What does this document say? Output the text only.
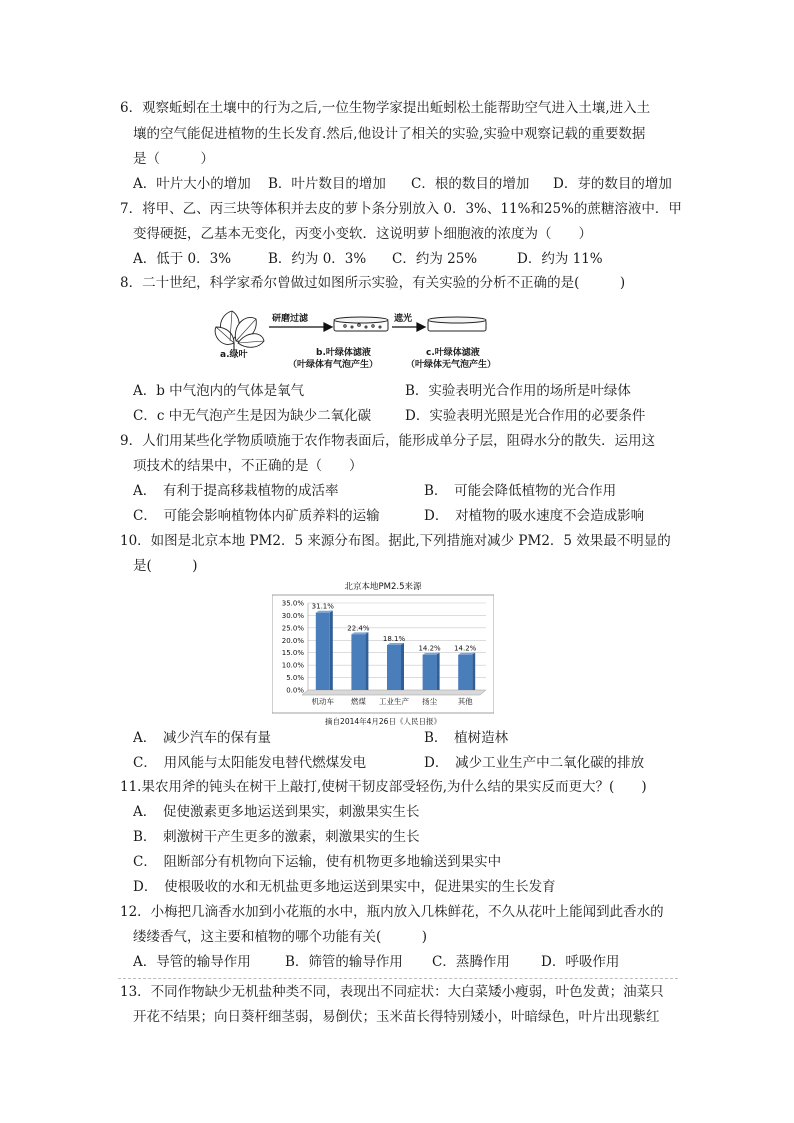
6．观察蚯蚓在土壤中的行为之后,一位生物学家提出蚯蚓松土能帮助空气进入土壤,进入土
壤的空气能促进植物的生长发育.然后,他设计了相关的实验,实验中观察记载的重要数据
是（　　　）
A．叶片大小的增加 B．叶片数目的增加 C．根的数目的增加 D．芽的数目的增加
7．将甲、乙、丙三块等体积并去皮的萝卜条分别放入 0．3%、11%和25%的蔗糖溶液中．甲
变得硬挺，乙基本无变化，丙变小变软．这说明萝卜细胞液的浓度为（　　）
A．低于 0．3%	B．约为 0．3% C．约为 25%	D．约为 11%
8．二十世纪，科学家希尔曾做过如图所示实验，有关实验的分析不正确的是(　　　)
研磨过滤	遮光
a.绿叶	b.叶绿体滤液
（叶绿体有气泡产生）
c.叶绿体滤液
（叶绿体无气泡产生）
A．b 中气泡内的气体是氧气	B．实验表明光合作用的场所是叶绿体
C．c 中无气泡产生是因为缺少二氧化碳	D．实验表明光照是光合作用的必要条件
9．人们用某些化学物质喷施于农作物表面后，能形成单分子层，阻碍水分的散失．运用这
项技术的结果中，不正确的是（　　）
A．　有利于提高移栽植物的成活率	B．　可能会降低植物的光合作用
C．　可能会影响植物体内矿质养料的运输	D．　对植物的吸水速度不会造成影响
10．如图是北京本地 PM2．5 来源分布图。据此,下列措施对减少 PM2．5 效果最不明显的
是(　　　)
北京本地PM2.5来源
0.0%
5.0%
10.0%
15.0%
20.0%
25.0%
30.0%
35.0% 31.1%
机动车
22.4%
燃煤
18.1%
工业生产
14.2%
扬尘
14.2%
其他
摘自2014年4月26日《人民日报》
A．　减少汽车的保有量	B．　植树造林
C．　用风能与太阳能发电替代燃煤发电	D．　减少工业生产中二氧化碳的排放
11.果农用斧的钝头在树干上敲打,使树干韧皮部受轻伤,为什么结的果实反而更大？(　　)
A．　促使激素更多地运送到果实，刺激果实生长
B．　刺激树干产生更多的激素，刺激果实的生长
C．　阻断部分有机物向下运输，使有机物更多地输送到果实中
D．　使根吸收的水和无机盐更多地运送到果实中，促进果实的生长发育
12．小梅把几滴香水加到小花瓶的水中，瓶内放入几株鲜花，不久从花叶上能闻到此香水的
缕缕香气，这主要和植物的哪个功能有关(　　　)
A．导管的输导作用	B．筛管的输导作用 C．蒸腾作用 D．呼吸作用
13．不同作物缺少无机盐种类不同，表现出不同症状：大白菜矮小瘦弱，叶色发黄；油菜只
开花不结果；向日葵杆细茎弱，易倒伏；玉米苗长得特别矮小，叶暗绿色，叶片出现紫红
